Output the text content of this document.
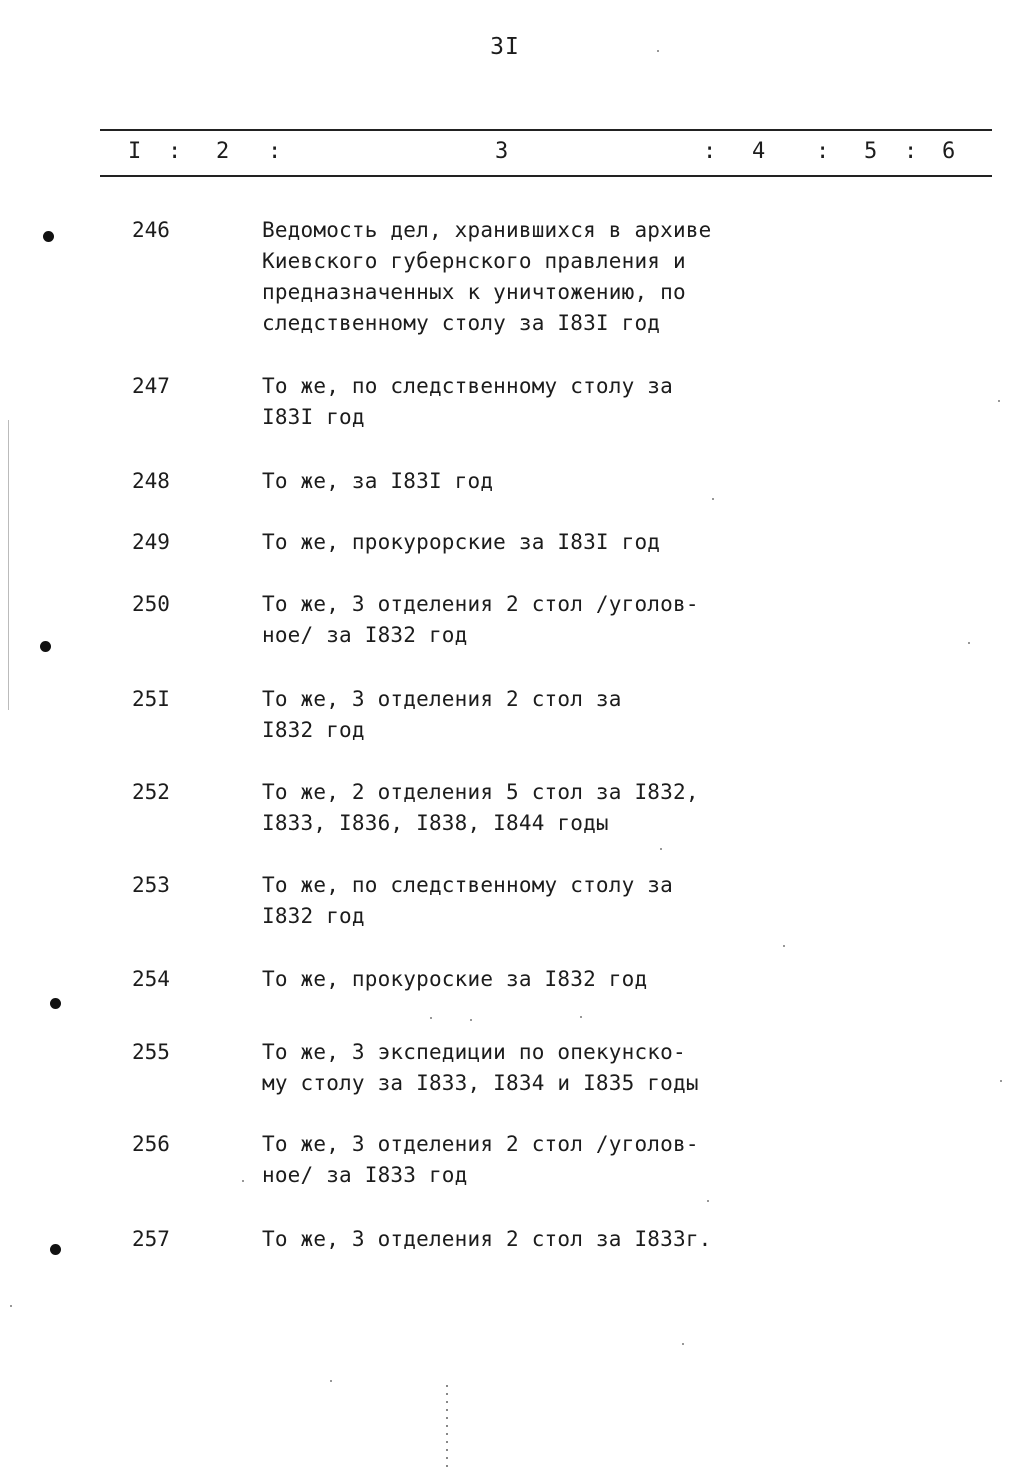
3I
I : 2 :	3	: 4 : 5 : 6
246	Ведомость дел, хранившихся в архиве
Киевского губернского правления и
предназначенных к уничтожению, по
следственному столу за I83I год
247	То же, по следственному столу за
I83I год
248	То же, за I83I год
249	То же, прокурорские за I83I год
250	То же, 3 отделения 2 стол /уголов-
ное/ за I832 год
25I	То же, 3 отделения 2 стол за
I832 год
252	То же, 2 отделения 5 стол за I832,
I833, I836, I838, I844 годы
253	То же, по следственному столу за
I832 год
254	То же, прокуроские за I832 год
255	То же, 3 экспедиции по опекунско-
му столу за I833, I834 и I835 годы
256	То же, 3 отделения 2 стол /уголов-
ное/ за I833 год
257	То же, 3 отделения 2 стол за I833г.
